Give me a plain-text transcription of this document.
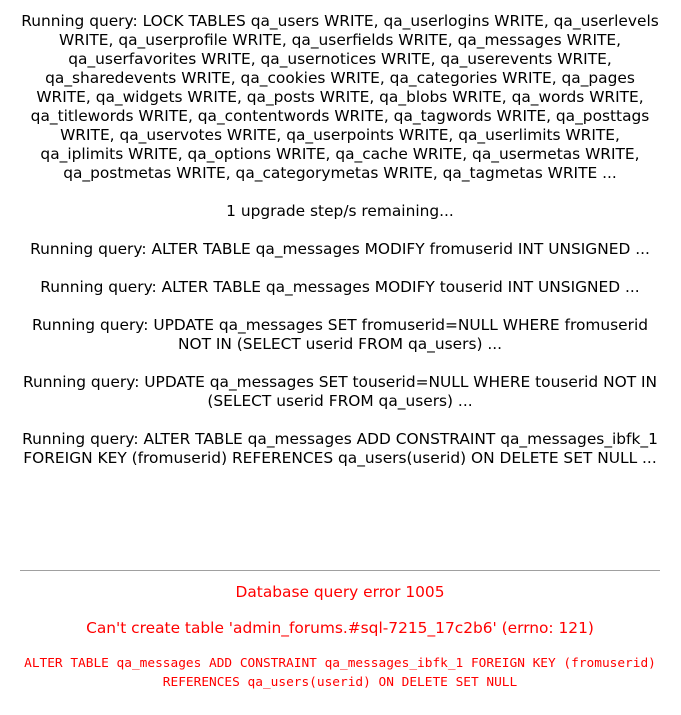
Running query: LOCK TABLES qa_users WRITE, qa_userlogins WRITE, qa_userlevels WRITE, qa_userprofile WRITE, qa_userfields WRITE, qa_messages WRITE, qa_userfavorites WRITE, qa_usernotices WRITE, qa_userevents WRITE, qa_sharedevents WRITE, qa_cookies WRITE, qa_categories WRITE, qa_pages WRITE, qa_widgets WRITE, qa_posts WRITE, qa_blobs WRITE, qa_words WRITE, qa_titlewords WRITE, qa_contentwords WRITE, qa_tagwords WRITE, qa_posttags WRITE, qa_uservotes WRITE, qa_userpoints WRITE, qa_userlimits WRITE, qa_iplimits WRITE, qa_options WRITE, qa_cache WRITE, qa_usermetas WRITE, qa_postmetas WRITE, qa_categorymetas WRITE, qa_tagmetas WRITE ...

1 upgrade step/s remaining...

Running query: ALTER TABLE qa_messages MODIFY fromuserid INT UNSIGNED ...

Running query: ALTER TABLE qa_messages MODIFY touserid INT UNSIGNED ...

Running query: UPDATE qa_messages SET fromuserid=NULL WHERE fromuserid NOT IN (SELECT userid FROM qa_users) ...

Running query: UPDATE qa_messages SET touserid=NULL WHERE touserid NOT IN (SELECT userid FROM qa_users) ...

Running query: ALTER TABLE qa_messages ADD CONSTRAINT qa_messages_ibfk_1 FOREIGN KEY (fromuserid) REFERENCES qa_users(userid) ON DELETE SET NULL ...

Database query error 1005

Can't create table 'admin_forums.#sql-7215_17c2b6' (errno: 121)

ALTER TABLE qa_messages ADD CONSTRAINT qa_messages_ibfk_1 FOREIGN KEY (fromuserid) REFERENCES qa_users(userid) ON DELETE SET NULL
